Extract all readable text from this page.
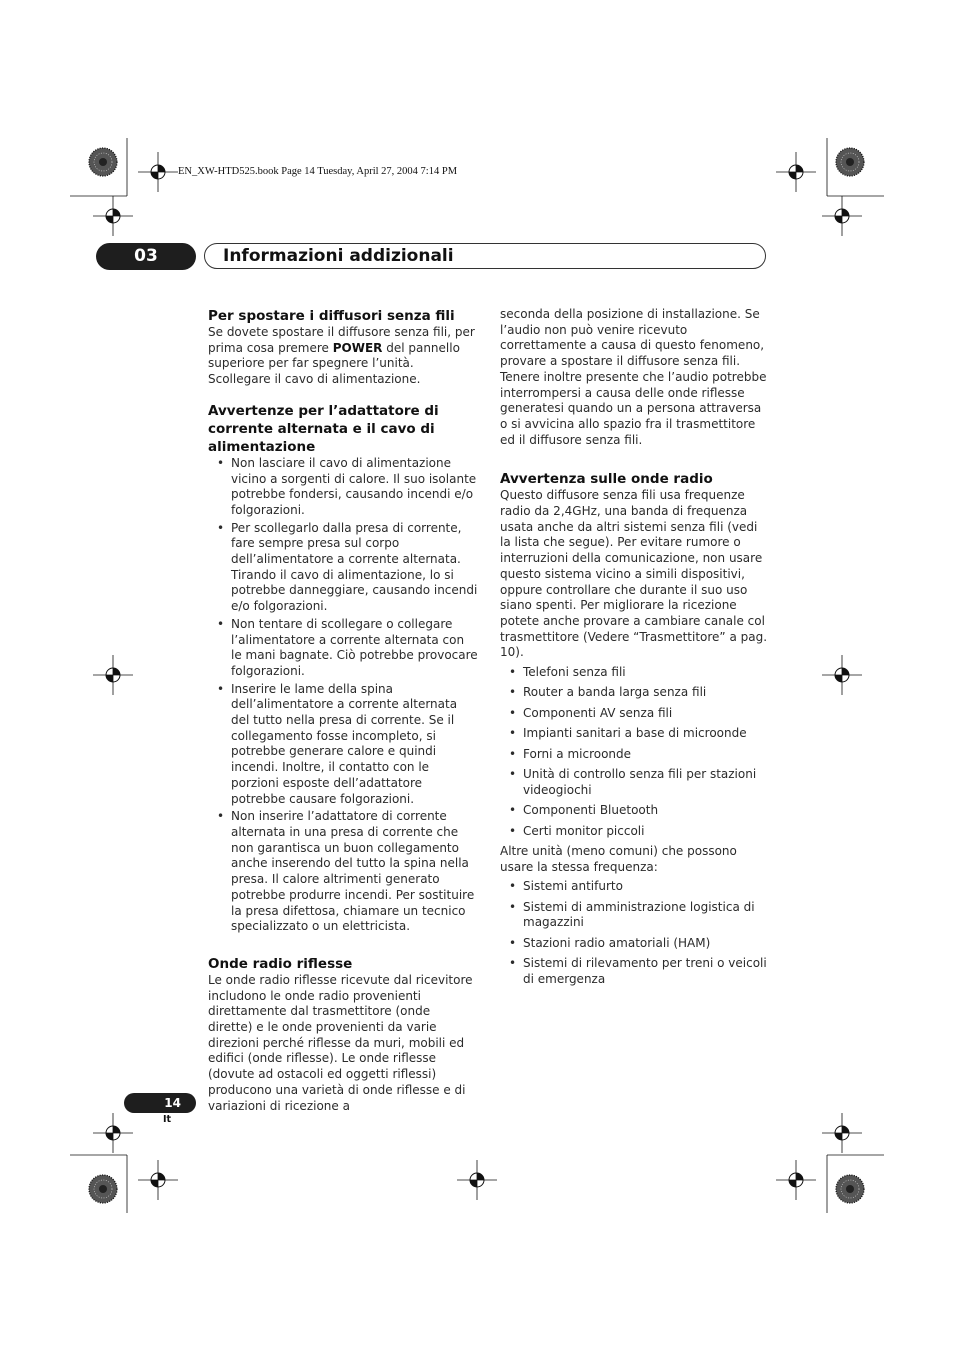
EN_XW-HTD525.book Page 14 Tuesday, April 27, 2004 7:14 PM
03	Informazioni addizionali
Per spostare i diffusori senza fili

Se dovete spostare il diffusore senza fili, per prima cosa premere POWER del pannello superiore per far spegnere l’unità. Scollegare il cavo di alimentazione.

Avvertenze per l’adattatore di corrente alternata e il cavo di alimentazione
• Non lasciare il cavo di alimentazione vicino a sorgenti di calore. Il suo isolante potrebbe fondersi, causando incendi e/o folgorazioni.
• Per scollegarlo dalla presa di corrente, fare sempre presa sul corpo dell’alimentatore a corrente alternata. Tirando il cavo di alimentazione, lo si potrebbe danneggiare, causando incendi e/o folgorazioni.
• Non tentare di scollegare o collegare l’alimentatore a corrente alternata con le mani bagnate. Ciò potrebbe provocare folgorazioni.
• Inserire le lame della spina dell’alimentatore a corrente alternata del tutto nella presa di corrente. Se il collegamento fosse incompleto, si potrebbe generare calore e quindi incendi. Inoltre, il contatto con le porzioni esposte dell’adattatore potrebbe causare folgorazioni.
• Non inserire l’adattatore di corrente alternata in una presa di corrente che non garantisca un buon collegamento anche inserendo del tutto la spina nella presa. Il calore altrimenti generato potrebbe produrre incendi. Per sostituire la presa difettosa, chiamare un tecnico specializzato o un elettricista.
Onde radio riflesse

Le onde radio riflesse ricevute dal ricevitore includono le onde radio provenienti direttamente dal trasmettitore (onde dirette) e le onde provenienti da varie direzioni perché riflesse da muri, mobili ed edifici (onde riflesse). Le onde riflesse (dovute ad ostacoli ed oggetti riflessi) producono una varietà di onde riflesse e di variazioni di ricezione a

seconda della posizione di installazione. Se l’audio non può venire ricevuto correttamente a causa di questo fenomeno, provare a spostare il diffusore senza fili. Tenere inoltre presente che l’audio potrebbe interrompersi a causa delle onde riflesse generatesi quando un a persona attraversa o si avvicina allo spazio fra il trasmettitore ed il diffusore senza fili.

Avvertenza sulle onde radio

Questo diffusore senza fili usa frequenze radio da 2,4GHz, una banda di frequenza usata anche da altri sistemi senza fili (vedi la lista che segue). Per evitare rumore o interruzioni della comunicazione, non usare questo sistema vicino a simili dispositivi, oppure controllare che durante il suo uso siano spenti. Per migliorare la ricezione potete anche provare a cambiare canale col trasmettitore (Vedere “Trasmettitore” a pag. 10).

• Telefoni senza fili
• Router a banda larga senza fili
• Componenti AV senza fili
• Impianti sanitari a base di microonde
• Forni a microonde
• Unità di controllo senza fili per stazioni videogiochi
• Componenti Bluetooth
• Certi monitor piccoli

Altre unità (meno comuni) che possono usare la stessa frequenza:

• Sistemi antifurto
• Sistemi di amministrazione logistica di magazzini
• Stazioni radio amatoriali (HAM)
• Sistemi di rilevamento per treni o veicoli di emergenza
14
It
